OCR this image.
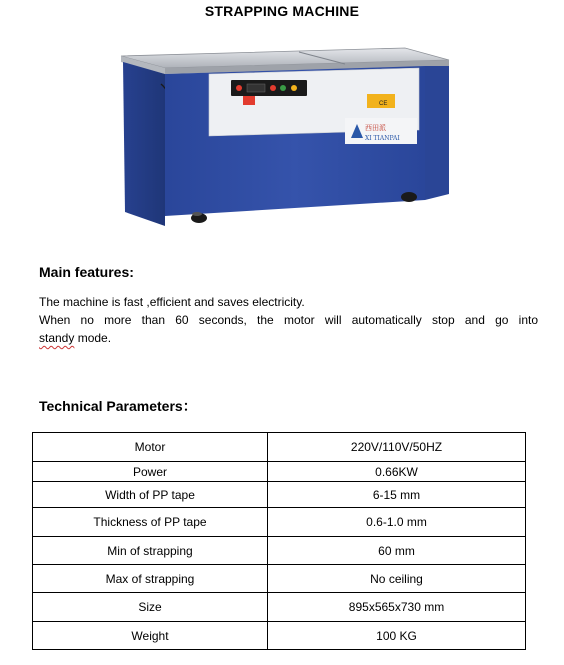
STRAPPING MACHINE
CE
西田派
XI TIANPAI
Main features:
The machine is fast ,efficient and saves electricity.
When no more than 60 seconds, the motor will automatically stop and go into
standy mode.
Technical Parameters：
Motor	220V/110V/50HZ
Power	0.66KW
Width of PP tape	6-15 mm
Thickness of PP tape	0.6-1.0 mm
Min of strapping	60 mm
Max of strapping	No ceiling
Size	895x565x730 mm
Weight	100 KG
